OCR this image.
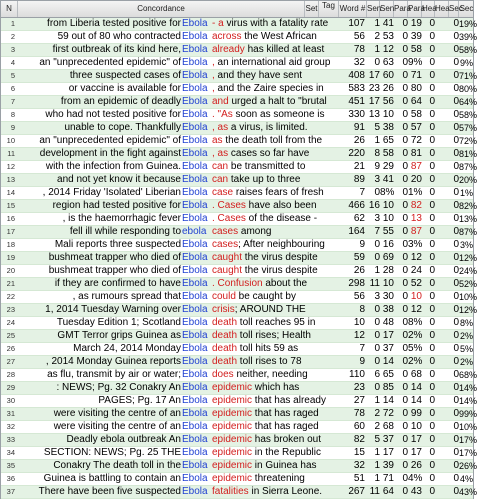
N	Concordance	Set Tag Word # Sen
Sen Para
Para
Hea
Hea Sec
Sec
1	from Liberia tested positive for Ebola - a virus with a fatality rate	107 1 41 0 19 0	0 19%
2	59 out of 80 who contracted Ebola across the West African	56 2 53 0 39 0	0 39%
3	first outbreak of its kind here, Ebola already has killed at least	78 1 12 0 58 0	0 58%
4 an "unprecedented epidemic" of Ebola , an international aid group	32 0 63 0 9% 0	0 9%
5	three suspected cases of Ebola , and they have sent	408 17 60 0 71 0	0 71%
6	or vaccine is available for Ebola , and the Zaire species in	583 23 26 0 80 0	0 80%
7	from an epidemic of deadly Ebola and urged a halt to "brutal	451 17 56 0 64 0	0 64%
8	who had not tested positive for Ebola . "As soon as someone is	330 13 10 0 58 0	0 58%
9	unable to cope. Thankfully Ebola , as a virus, is limited.	91 5 38 0 57 0	0 57%
10 an "unprecedented epidemic" of Ebola as the death toll from the	26 1 65 0 72 0	0 72%
11 development in the fight against Ebola , as cases so far have	220 8 58 0 81 0	0 81%
12	with the infection from Guinea. Ebola can be transmitted to	21 9 29 0 87 0	0 87%
13	and not yet know it because Ebola can take up to three	89 3 41 0 20 0	0 20%
14	, 2014 Friday 'Isolated' Liberian Ebola case raises fears of fresh	7 0 8% 0 1% 0	0 1%
15	region had tested positive for Ebola . Cases have also been	466 16 10 0 82 0	0 82%
16	, is the haemorrhagic fever Ebola . Cases of the disease -	62 3 10 0 13 0	0 13%
17	fell ill while responding to ebola cases among	164 7 55 0 87 0	0 87%
18	Mali reports three suspected Ebola cases; After neighbouring	9 0 16 0 3% 0	0 3%
19	bushmeat trapper who died of Ebola caught the virus despite	59 0 69 0 12 0	0 12%
20	bushmeat trapper who died of Ebola caught the virus despite	26 1 28 0 24 0	0 24%
21	if they are confirmed to have Ebola . Confusion about the	298 11 10 0 52 0	0 52%
22	, as rumours spread that Ebola could be caught by	56 3 30 0 10 0	0 10%
23	1, 2014 Tuesday Warning over Ebola crisis; AROUND THE	8 0 38 0 12 0	0 12%
24	Tuesday Edition 1; Scotland Ebola death toll reaches 95 in	10 0 48 0 8% 0	0 8%
25	GMT Terror grips Guinea as Ebola death toll rises; Health	12 0 17 0 2% 0	0 2%
26	March 24, 2014 Monday Ebola death toll hits 59 as	7 0 37 0 5% 0	0 5%
27	, 2014 Monday Guinea reports Ebola death toll rises to 78	9 0 14 0 2% 0	0 2%
28	as flu, transmit by air or water; Ebola does neither, needing	110 6 65 0 68 0	0 68%
29	: NEWS; Pg. 32 Conakry An Ebola epidemic which has	23 0 85 0 14 0	0 14%
30	PAGES; Pg. 17 An Ebola epidemic that has already	27 1 14 0 14 0	0 14%
31	were visiting the centre of an Ebola epidemic that has raged	78 2 72 0 99 0	0 99%
32	were visiting the centre of an Ebola epidemic that has raged	60 2 68 0 10 0	0 10%
33	Deadly ebola outbreak An Ebola epidemic has broken out	82 5 37 0 17 0	0 17%
34	SECTION: NEWS; Pg. 25 THE Ebola epidemic in the Republic	15 1 17 0 17 0	0 17%
35	Conakry The death toll in the Ebola epidemic in Guinea has	32 1 39 0 26 0	0 26%
36	Guinea is battling to contain an Ebola epidemic threatening	51 1 71 0 4% 0	0 4%
37 There have been five suspected Ebola fatalities in Sierra Leone.	267 11 64 0 43 0	0 43%
